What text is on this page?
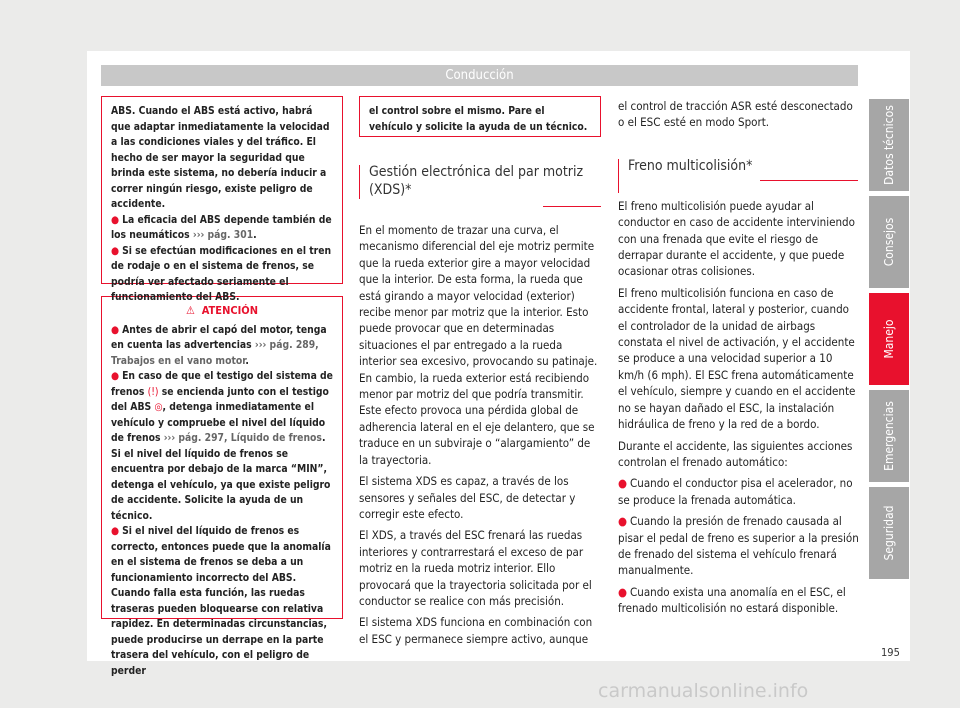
Conducción
Datos técnicos
Consejos
Manejo
Emergencias
Seguridad

ABS. Cuando el ABS está activo, habrá que adaptar inmediatamente la velocidad a las condiciones viales y del tráfico. El hecho de ser mayor la seguridad que brinda este sistema, no debería inducir a correr ningún riesgo, existe peligro de accidente.

● La eficacia del ABS depende también de los neumáticos ››› pág. 301.

● Si se efectúan modificaciones en el tren de rodaje o en el sistema de frenos, se podría ver afectado seriamente el funcionamiento del ABS.

⚠ ATENCIÓN

● Antes de abrir el capó del motor, tenga en cuenta las advertencias ››› pág. 289, Trabajos en el vano motor.

● En caso de que el testigo del sistema de frenos (!) se encienda junto con el testigo del ABS ◎, detenga inmediatamente el vehículo y compruebe el nivel del líquido de frenos ››› pág. 297, Líquido de frenos. Si el nivel del líquido de frenos se encuentra por debajo de la marca “MIN”, detenga el vehículo, ya que existe peligro de accidente. Solicite la ayuda de un técnico.

● Si el nivel del líquido de frenos es correcto, entonces puede que la anomalía en el sistema de frenos se deba a un funcionamiento incorrecto del ABS. Cuando falla esta función, las ruedas traseras pueden bloquearse con relativa rapidez. En determinadas circunstancias, puede producirse un derrape en la parte trasera del vehículo, con el peligro de perder

el control sobre el mismo. Pare el vehículo y solicite la ayuda de un técnico.

Gestión electrónica del par motriz (XDS)*

En el momento de trazar una curva, el mecanismo diferencial del eje motriz permite que la rueda exterior gire a mayor velocidad que la interior. De esta forma, la rueda que está girando a mayor velocidad (exterior) recibe menor par motriz que la interior. Esto puede provocar que en determinadas situaciones el par entregado a la rueda interior sea excesivo, provocando su patinaje. En cambio, la rueda exterior está recibiendo menor par motriz del que podría transmitir. Este efecto provoca una pérdida global de adherencia lateral en el eje delantero, que se traduce en un subviraje o “alargamiento” de la trayectoria.

El sistema XDS es capaz, a través de los sensores y señales del ESC, de detectar y corregir este efecto.

El XDS, a través del ESC frenará las ruedas interiores y contrarrestará el exceso de par motriz en la rueda motriz interior. Ello provocará que la trayectoria solicitada por el conductor se realice con más precisión.

El sistema XDS funciona en combinación con el ESC y permanece siempre activo, aunque

el control de tracción ASR esté desconectado o el ESC esté en modo Sport.

Freno multicolisión*

El freno multicolisión puede ayudar al conductor en caso de accidente interviniendo con una frenada que evite el riesgo de derrapar durante el accidente, y que puede ocasionar otras colisiones.

El freno multicolisión funciona en caso de accidente frontal, lateral y posterior, cuando el controlador de la unidad de airbags constata el nivel de activación, y el accidente se produce a una velocidad superior a 10 km/h (6 mph). El ESC frena automáticamente el vehículo, siempre y cuando en el accidente no se hayan dañado el ESC, la instalación hidráulica de freno y la red de a bordo.

Durante el accidente, las siguientes acciones controlan el frenado automático:

● Cuando el conductor pisa el acelerador, no se produce la frenada automática.

● Cuando la presión de frenado causada al pisar el pedal de freno es superior a la presión de frenado del sistema el vehículo frenará manualmente.

● Cuando exista una anomalía en el ESC, el frenado multicolisión no estará disponible.

195
carmanualsonline.info
